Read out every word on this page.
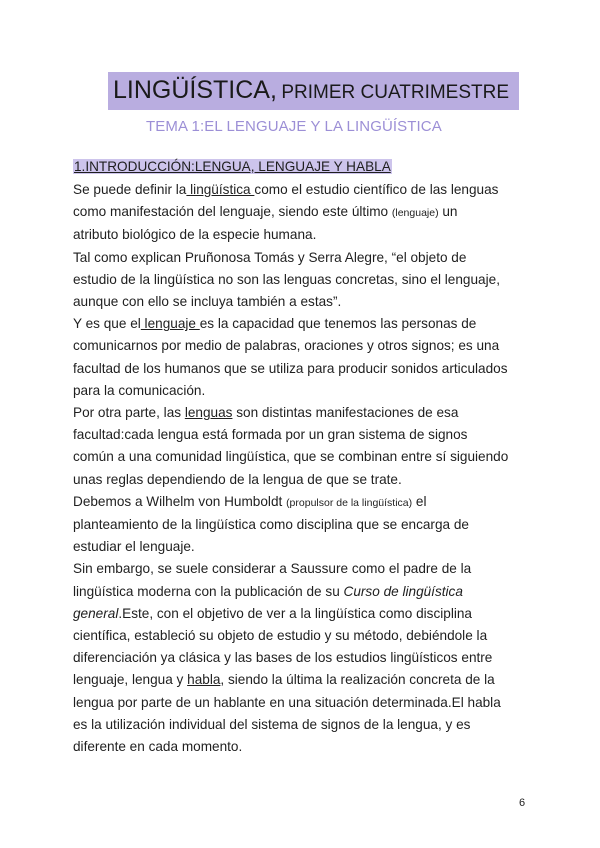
LINGÜÍSTICA, PRIMER CUATRIMESTRE
TEMA 1:EL LENGUAJE Y LA LINGÜÍSTICA
1.INTRODUCCIÓN:LENGUA, LENGUAJE Y HABLA
Se puede definir la lingüística como el estudio científico de las lenguas
como manifestación del lenguaje, siendo este último (lenguaje) un
atributo biológico de la especie humana.
Tal como explican Pruñonosa Tomás y Serra Alegre, “el objeto de
estudio de la lingüística no son las lenguas concretas, sino el lenguaje,
aunque con ello se incluya también a estas”.
Y es que el lenguaje es la capacidad que tenemos las personas de
comunicarnos por medio de palabras, oraciones y otros signos; es una
facultad de los humanos que se utiliza para producir sonidos articulados
para la comunicación.
Por otra parte, las lenguas son distintas manifestaciones de esa
facultad:cada lengua está formada por un gran sistema de signos
común a una comunidad lingüística, que se combinan entre sí siguiendo
unas reglas dependiendo de la lengua de que se trate.
Debemos a Wilhelm von Humboldt (propulsor de la lingüística) el
planteamiento de la lingüística como disciplina que se encarga de
estudiar el lenguaje.
Sin embargo, se suele considerar a Saussure como el padre de la
lingüística moderna con la publicación de su Curso de lingüística
general.Este, con el objetivo de ver a la lingüística como disciplina
científica, estableció su objeto de estudio y su método, debiéndole la
diferenciación ya clásica y las bases de los estudios lingüísticos entre
lenguaje, lengua y habla, siendo la última la realización concreta de la
lengua por parte de un hablante en una situación determinada.El habla
es la utilización individual del sistema de signos de la lengua, y es
diferente en cada momento.
6
